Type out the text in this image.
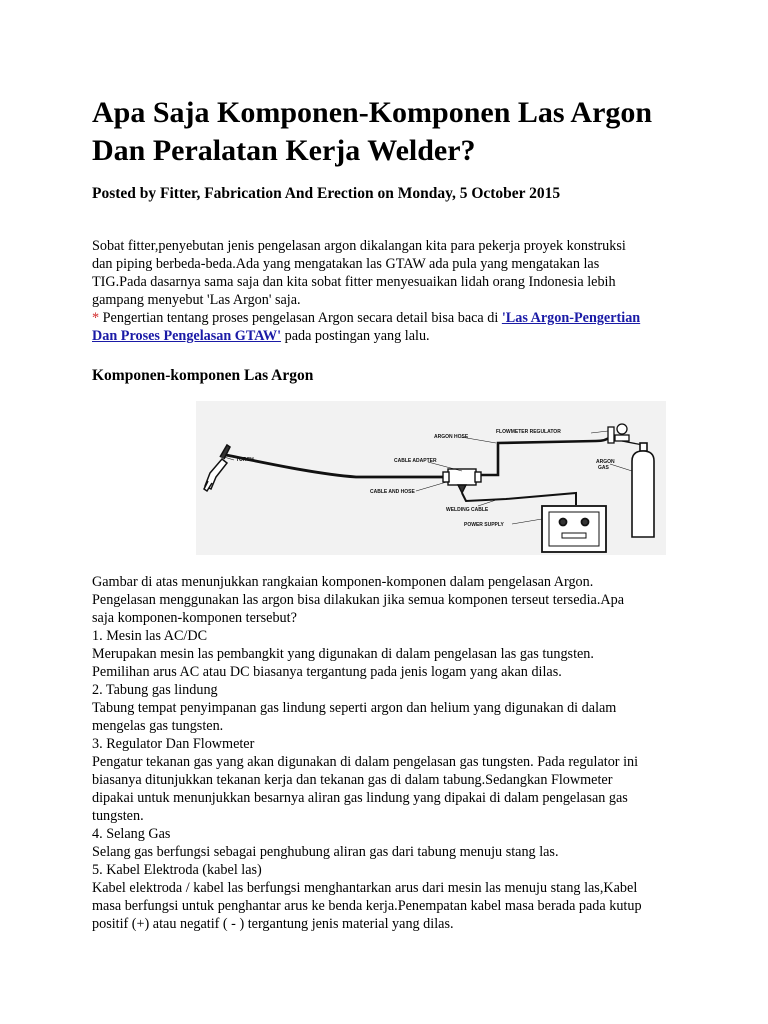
Apa Saja Komponen-Komponen Las Argon
Dan Peralatan Kerja Welder?

Posted by Fitter, Fabrication And Erection on Monday, 5 October 2015

Sobat fitter,penyebutan jenis pengelasan argon dikalangan kita para pekerja proyek konstruksi
dan piping berbeda-beda.Ada yang mengatakan las GTAW ada pula yang mengatakan las
TIG.Pada dasarnya sama saja dan kita sobat fitter menyesuaikan lidah orang Indonesia lebih
gampang menyebut 'Las Argon' saja.
* Pengertian tentang proses pengelasan Argon secara detail bisa baca di 'Las Argon-Pengertian
Dan Proses Pengelasan GTAW' pada postingan yang lalu.
Komponen-komponen Las Argon
TORCH	CABLE ADAPTER
ARGON HOSE
FLOWMETER REGULATOR
ARGON
GAS
CABLE AND HOSE
WELDING CABLE
POWER SUPPLY
Gambar di atas menunjukkan rangkaian komponen-komponen dalam pengelasan Argon.
Pengelasan menggunakan las argon bisa dilakukan jika semua komponen terseut tersedia.Apa
saja komponen-komponen tersebut?
1. Mesin las AC/DC
Merupakan mesin las pembangkit yang digunakan di dalam pengelasan las gas tungsten.
Pemilihan arus AC atau DC biasanya tergantung pada jenis logam yang akan dilas.
2. Tabung gas lindung
Tabung tempat penyimpanan gas lindung seperti argon dan helium yang digunakan di dalam
mengelas gas tungsten.
3. Regulator Dan Flowmeter
Pengatur tekanan gas yang akan digunakan di dalam pengelasan gas tungsten. Pada regulator ini
biasanya ditunjukkan tekanan kerja dan tekanan gas di dalam tabung.Sedangkan Flowmeter
dipakai untuk menunjukkan besarnya aliran gas lindung yang dipakai di dalam pengelasan gas
tungsten.
4. Selang Gas
Selang gas berfungsi sebagai penghubung aliran gas dari tabung menuju stang las.
5. Kabel Elektroda (kabel las)
Kabel elektroda / kabel las berfungsi menghantarkan arus dari mesin las menuju stang las,Kabel
masa berfungsi untuk penghantar arus ke benda kerja.Penempatan kabel masa berada pada kutup
positif (+) atau negatif ( - ) tergantung jenis material yang dilas.
